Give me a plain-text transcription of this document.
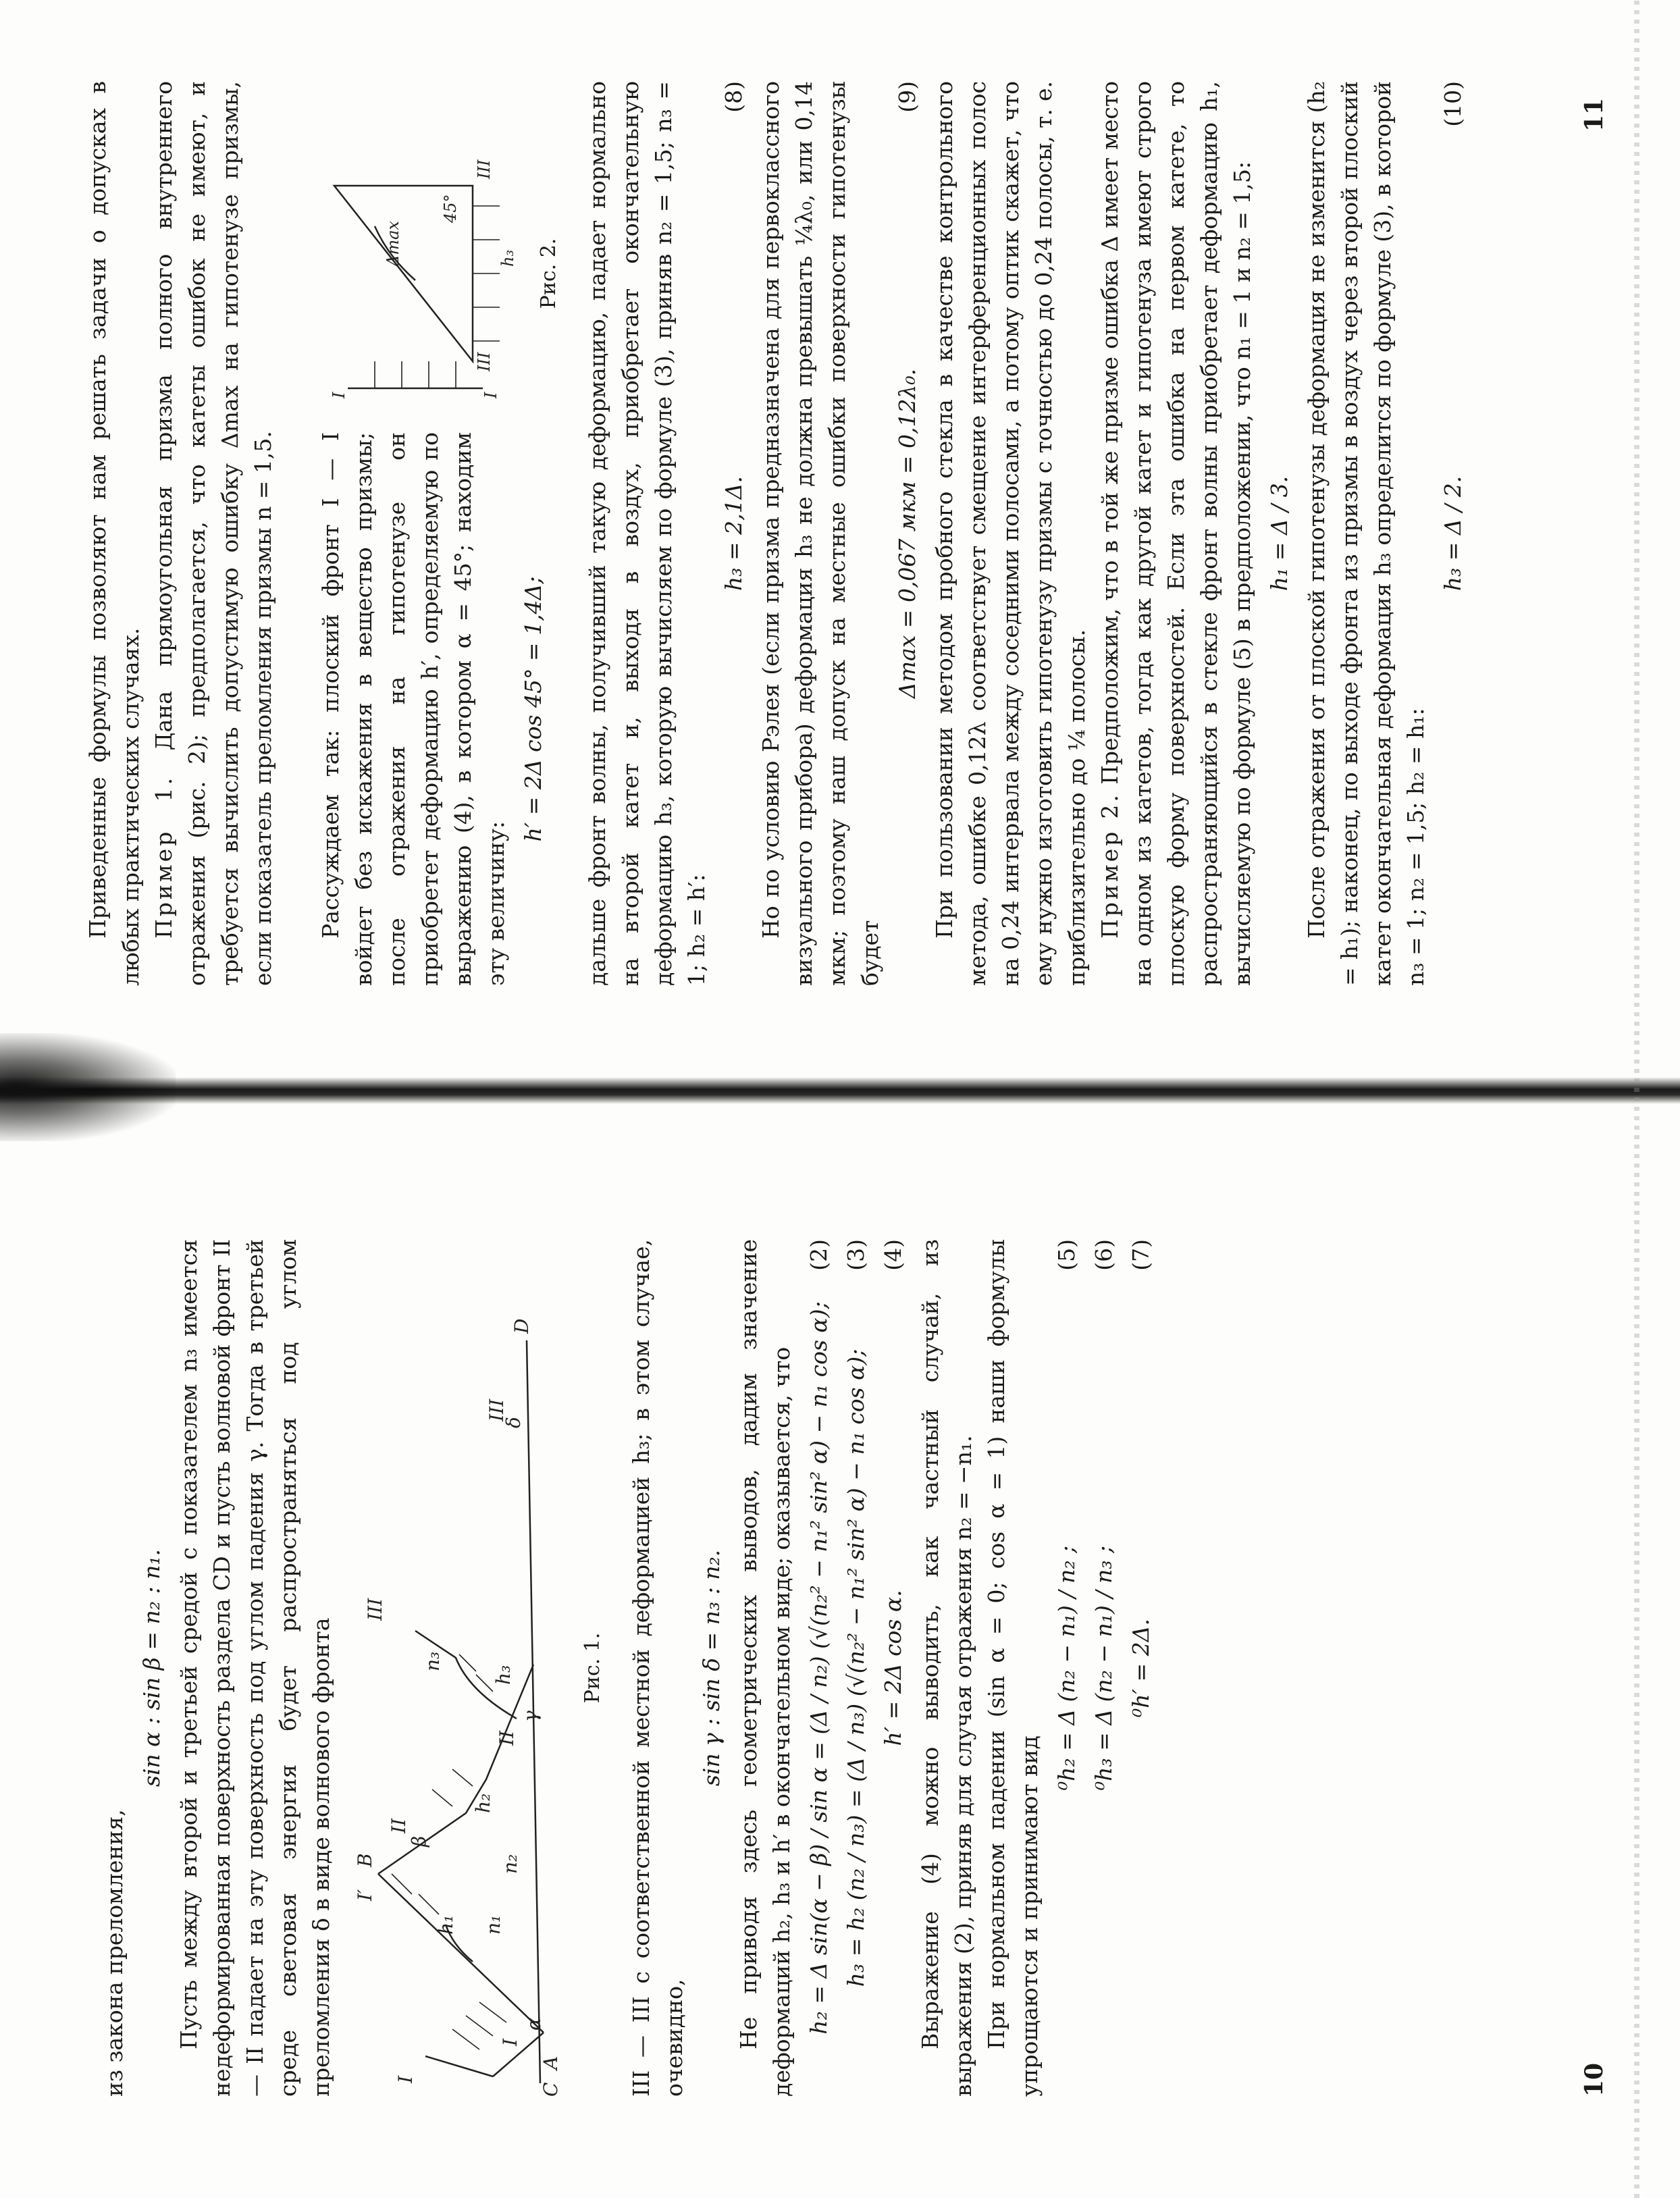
из закона преломления,

sin α : sin β = n₂ : n₁. Пусть между второй и третьей средой с показателем n₃ имеется недеформированная поверхность раздела CD и пусть волновой фронт II — II падает на эту поверхность под углом падения γ. Тогда в третьей среде световая энергия будет распространяться под углом преломления δ в виде волнового фронта	A
α
I
I
I′
B
β
n₁
n₂
n₃
h₁
h₂
h₃
II
II
γ
III
δ
III
C
D
Рис. 1. III — III с соответственной местной деформацией h₃; в этом случае, очевидно,

sin γ : sin δ = n₃ : n₂. Не приводя здесь геометрических выводов, дадим значение деформаций h₂, h₃ и h′ в окончательном виде; оказывается, что h₂ = Δ sin(α − β) / sin α = (Δ / n₂) (√(n₂² − n₁² sin² α) − n₁ cos α);
(2)

h₃ = h₂ (n₂ / n₃) = (Δ / n₃) (√(n₂² − n₁² sin² α) − n₁ cos α);
(3)

h′ = 2Δ cos α.
(4) Выражение (4) можно выводить, как частный случай, из выражения (2), приняв для случая отражения n₂ = −n₁. При нормальном падении (sin α = 0; cos α = 1) наши формулы упрощаются и принимают вид

⁰h₂ = Δ (n₂ − n₁) / n₂ ;
(5)

⁰h₃ = Δ (n₂ − n₁) / n₃ ;
(6)

⁰h′ = 2Δ.
(7)

10

Приведенные формулы позволяют нам решать задачи о допусках в любых практических случаях. Пример 1. Дана прямоугольная призма полного внутреннего отражения (рис. 2); предполагается, что катеты ошибок не имеют, и требуется вычислить допустимую ошибку Δmax на гипотенузе призмы, если показатель преломления призмы n = 1,5. Рассуждаем так: плоский фронт I — I войдет без искажения в вещество призмы; после отражения на гипотенузе он приобретет деформацию h′, определяемую по выражению (4), в котором α = 45°; находим эту величину:

h′ = 2Δ cos 45° = 1,4Δ;

I	I
III
III
Δmax
45°
h₃ Рис. 2. дальше фронт волны, получивший такую деформацию, падает нормально на второй катет и, выходя в воздух, приобретает окончательную деформацию h₃, которую вычисляем по формуле (3), приняв n₂ = 1,5; n₃ = 1; h₂ = h′:

h₃ = 2,1Δ.
(8) Но по условию Рэлея (если призма предназначена для первоклассного визуального прибора) деформация h₃ не должна превышать ¼λ₀, или 0,14 мкм; поэтому наш допуск на местные ошибки поверхности гипотенузы будет

Δmax = 0,067 мкм = 0,12λ₀.
(9) При пользовании методом пробного стекла в качестве контрольного метода, ошибке 0,12λ соответствует смещение интерференционных полос на 0,24 интервала между соседними полосами, а потому оптик скажет, что ему нужно изготовить гипотенузу призмы с точностью до 0,24 полосы, т. е. приблизительно до ¼ полосы. Пример 2. Предположим, что в той же призме ошибка Δ имеет место на одном из катетов, тогда как другой катет и гипотенуза имеют строго плоскую форму поверхностей. Если эта ошибка на первом катете, то распространяющийся в стекле фронт волны приобретает деформацию h₁, вычисляемую по формуле (5) в предположении, что n₁ = 1 и n₂ = 1,5: h₁ = Δ / 3. После отражения от плоской гипотенузы деформация не изменится (h₂ = h₁); наконец, по выходе фронта из призмы в воздух через второй плоский катет окончательная деформация h₃ определится по формуле (3), в которой n₃ = 1; n₂ = 1,5; h₂ = h₁:

h₃ = Δ / 2.
(10)	11
